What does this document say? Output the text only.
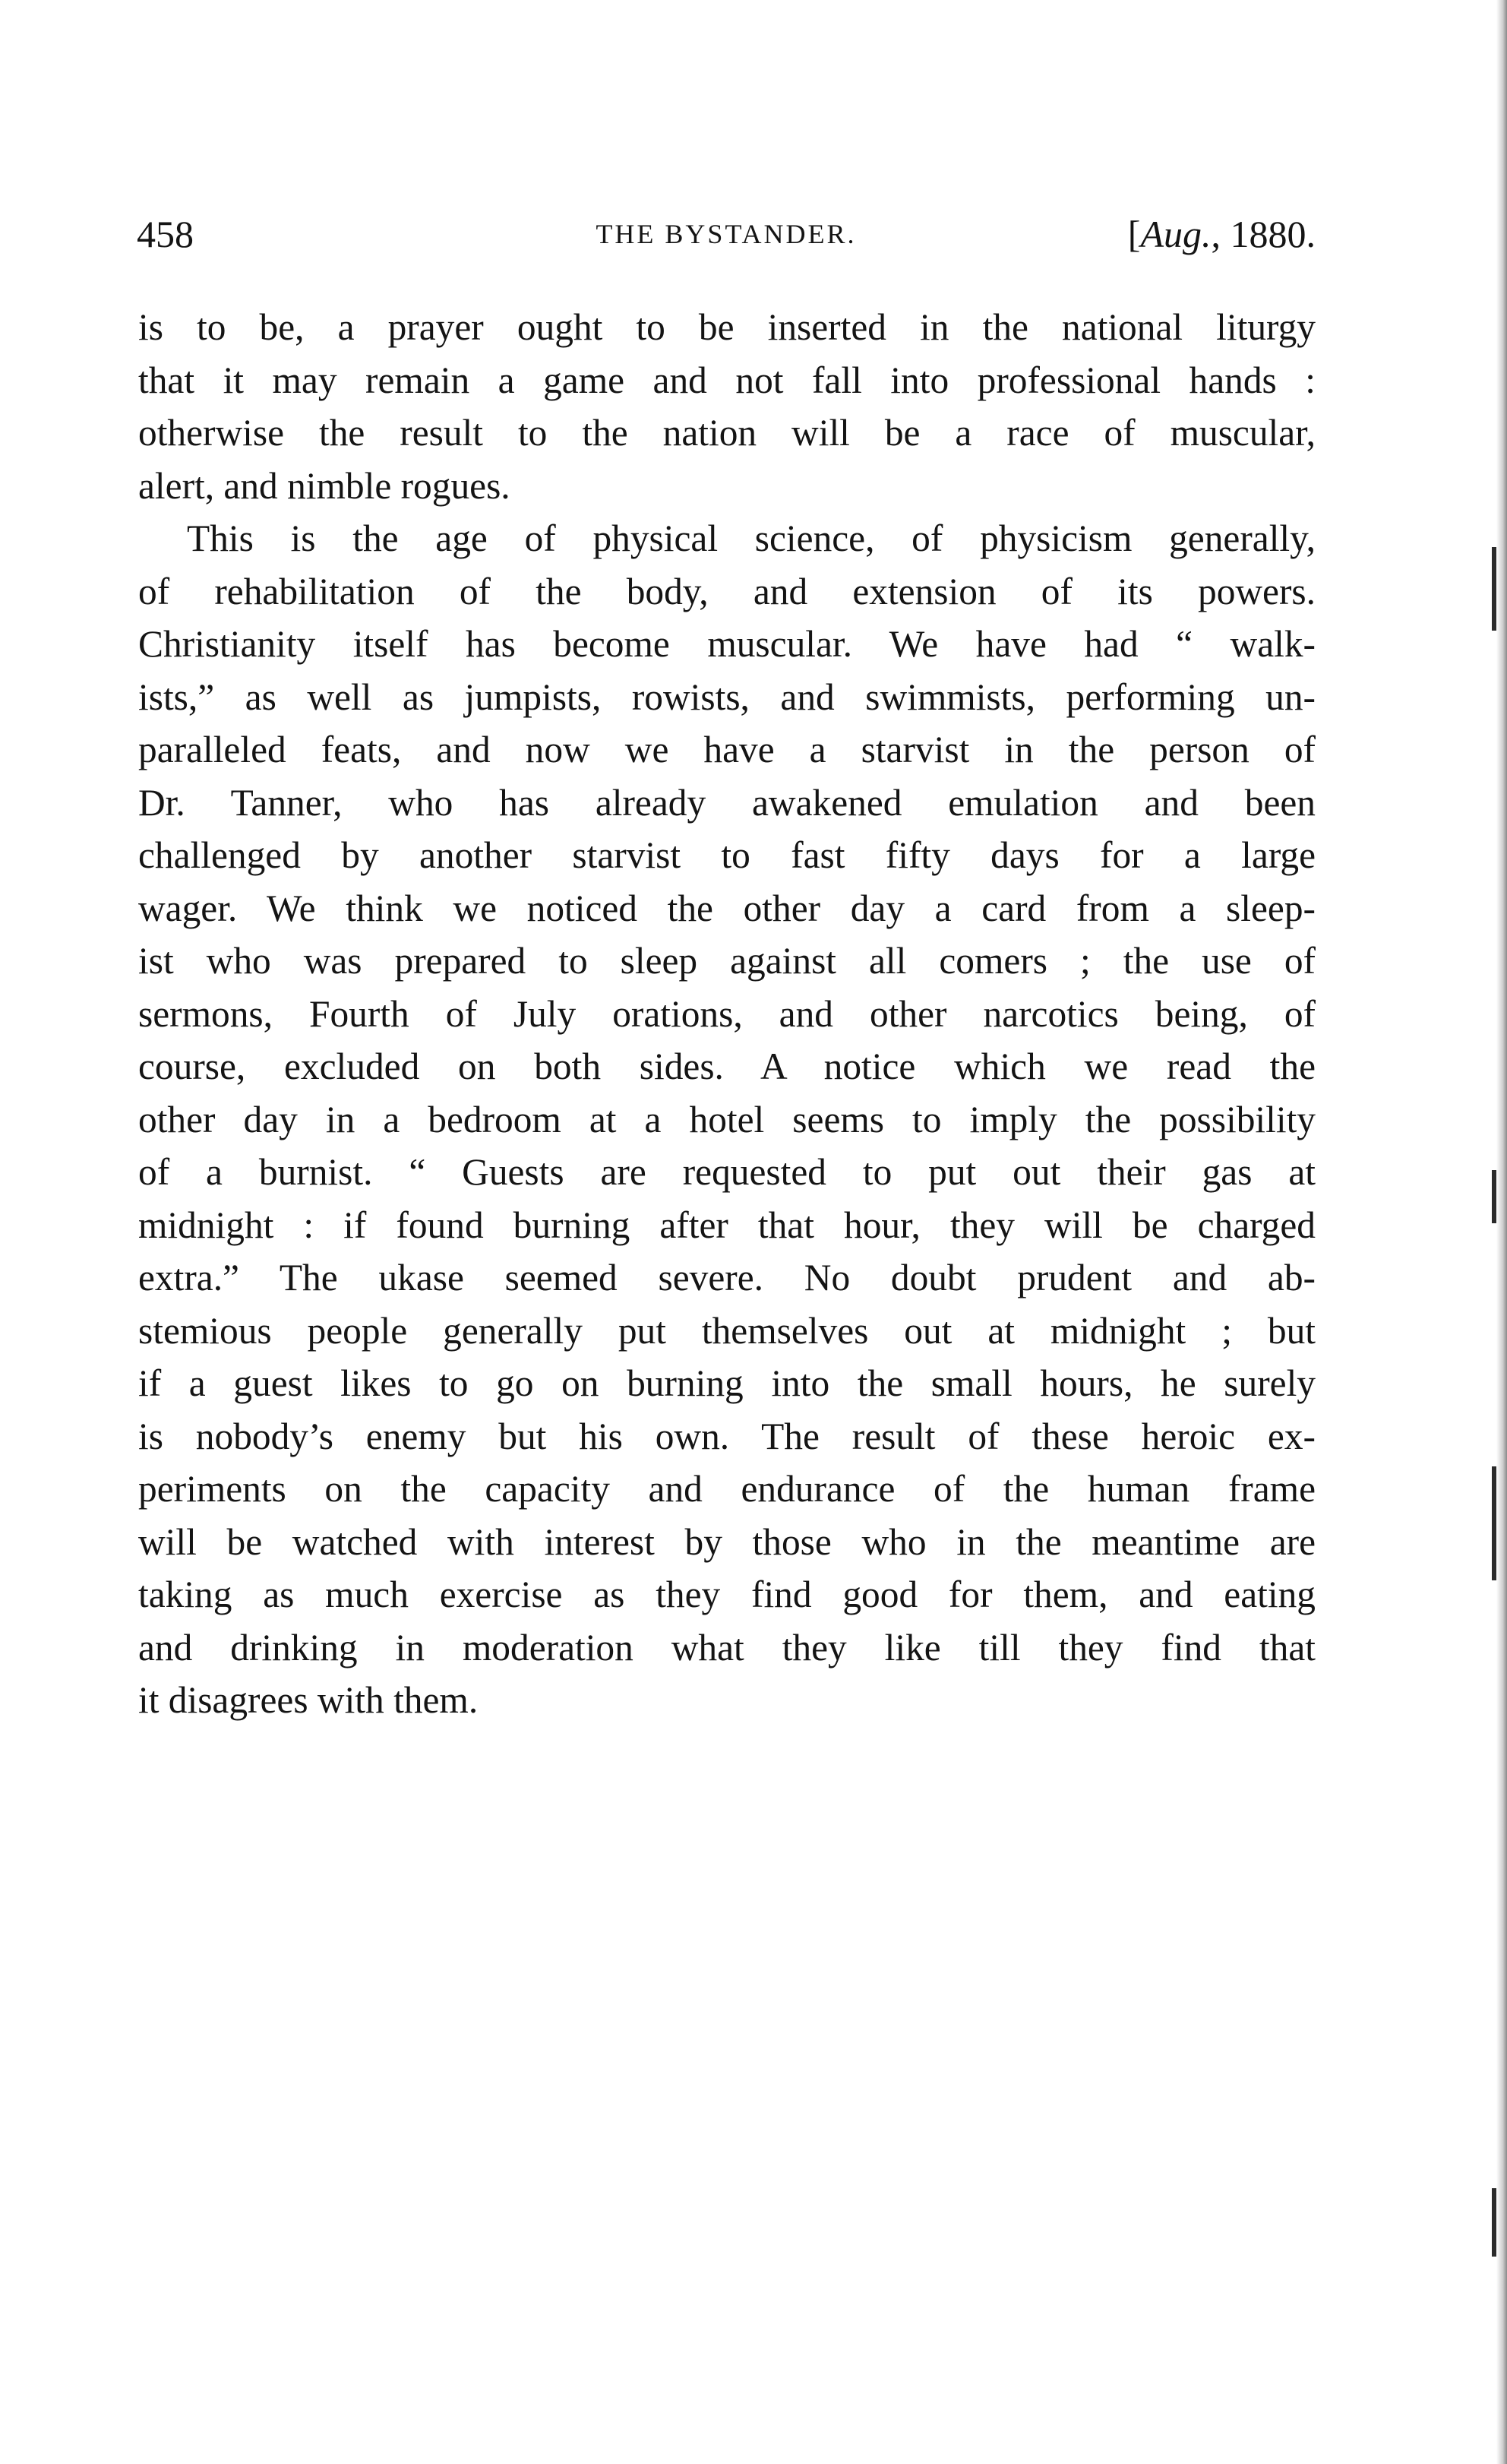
458	THE BYSTANDER.	[Aug., 1880.
is to be, a prayer ought to be inserted in the national liturgy
that it may remain a game and not fall into professional hands :
otherwise the result to the nation will be a race of muscular,
alert, and nimble rogues.
This is the age of physical science, of physicism generally,
of rehabilitation of the body, and extension of its powers.
Christianity itself has become muscular. We have had “ walk-
ists,” as well as jumpists, rowists, and swimmists, performing un-
paralleled feats, and now we have a starvist in the person of
Dr. Tanner, who has already awakened emulation and been
challenged by another starvist to fast fifty days for a large
wager. We think we noticed the other day a card from a sleep-
ist who was prepared to sleep against all comers ; the use of
sermons, Fourth of July orations, and other narcotics being, of
course, excluded on both sides. A notice which we read the
other day in a bedroom at a hotel seems to imply the possibility
of a burnist. “ Guests are requested to put out their gas at
midnight : if found burning after that hour, they will be charged
extra.” The ukase seemed severe. No doubt prudent and ab-
stemious people generally put themselves out at midnight ; but
if a guest likes to go on burning into the small hours, he surely
is nobody’s enemy but his own. The result of these heroic ex-
periments on the capacity and endurance of the human frame
will be watched with interest by those who in the meantime are
taking as much exercise as they find good for them, and eating
and drinking in moderation what they like till they find that
it disagrees with them.
